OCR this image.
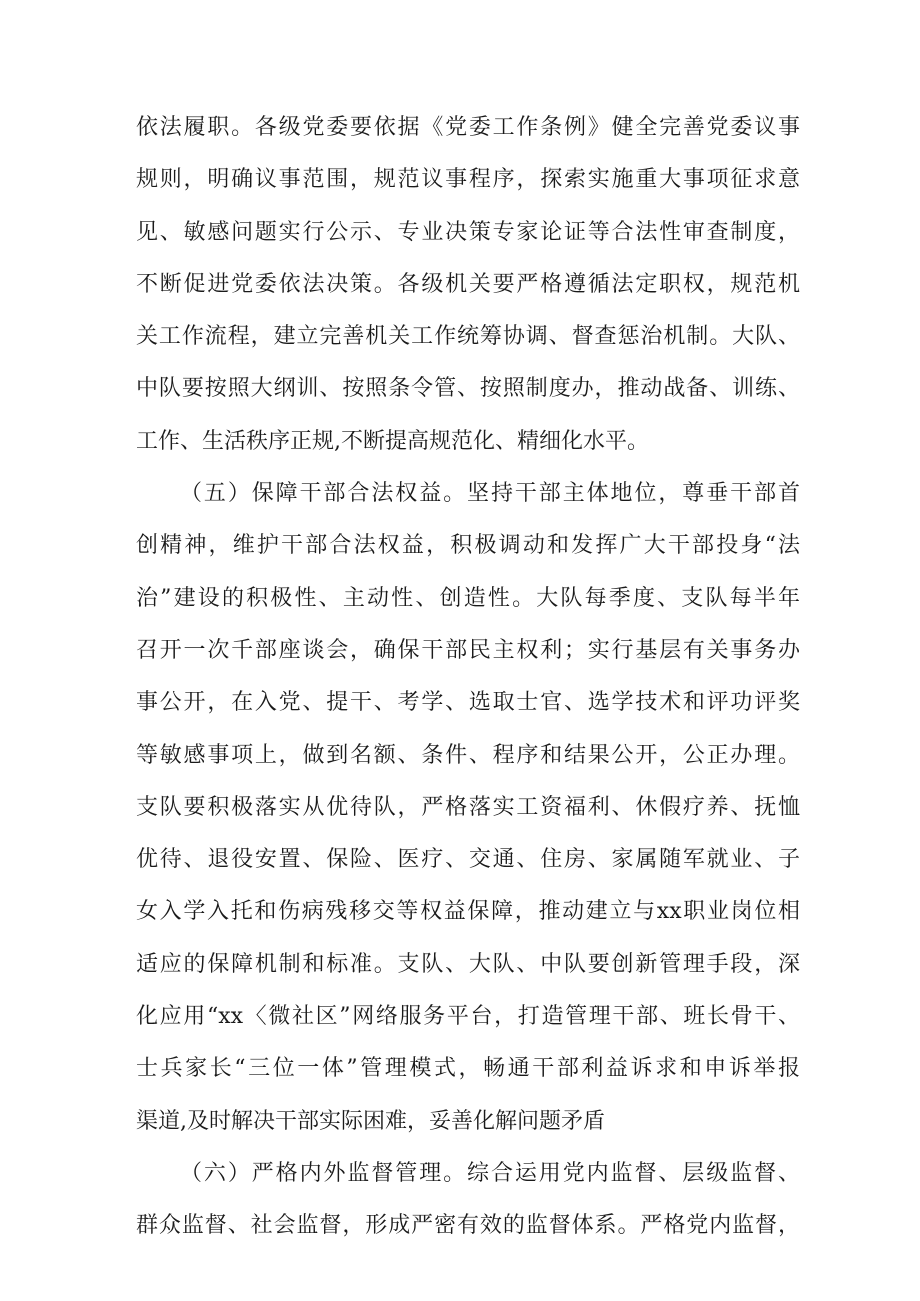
依法履职。各级党委要依据《党委工作条例》健全完善党委议事
规则，明确议事范围，规范议事程序，探索实施重大事项征求意
见、敏感问题实行公示、专业决策专家论证等合法性审查制度，
不断促进党委依法决策。各级机关要严格遵循法定职权，规范机
关工作流程，建立完善机关工作统筹协调、督查惩治机制。大队、
中队要按照大纲训、按照条令管、按照制度办，推动战备、训练、
工作、生活秩序正规,不断提高规范化、精细化水平。
（五）保障干部合法权益。坚持干部主体地位，尊垂干部首
创精神，维护干部合法权益，积极调动和发挥广大干部投身“法
治”建设的积极性、主动性、创造性。大队每季度、支队每半年
召开一次千部座谈会，确保干部民主权利；实行基层有关事务办
事公开，在入党、提干、考学、选取士官、选学技术和评功评奖
等敏感事项上，做到名额、条件、程序和结果公开，公正办理。
支队要积极落实从优待队，严格落实工资福利、休假疗养、抚恤
优待、退役安置、保险、医疗、交通、住房、家属随军就业、子
女入学入托和伤病残移交等权益保障，推动建立与xx职业岗位相
适应的保障机制和标准。支队、大队、中队要创新管理手段，深
化应用“xx〈微社区”网络服务平台，打造管理干部、班长骨干、
士兵家长“三位一体”管理模式，畅通干部利益诉求和申诉举报
渠道,及时解决干部实际困难，妥善化解问题矛盾
（六）严格内外监督管理。综合运用党内监督、层级监督、
群众监督、社会监督，形成严密有效的监督体系。严格党内监督，
